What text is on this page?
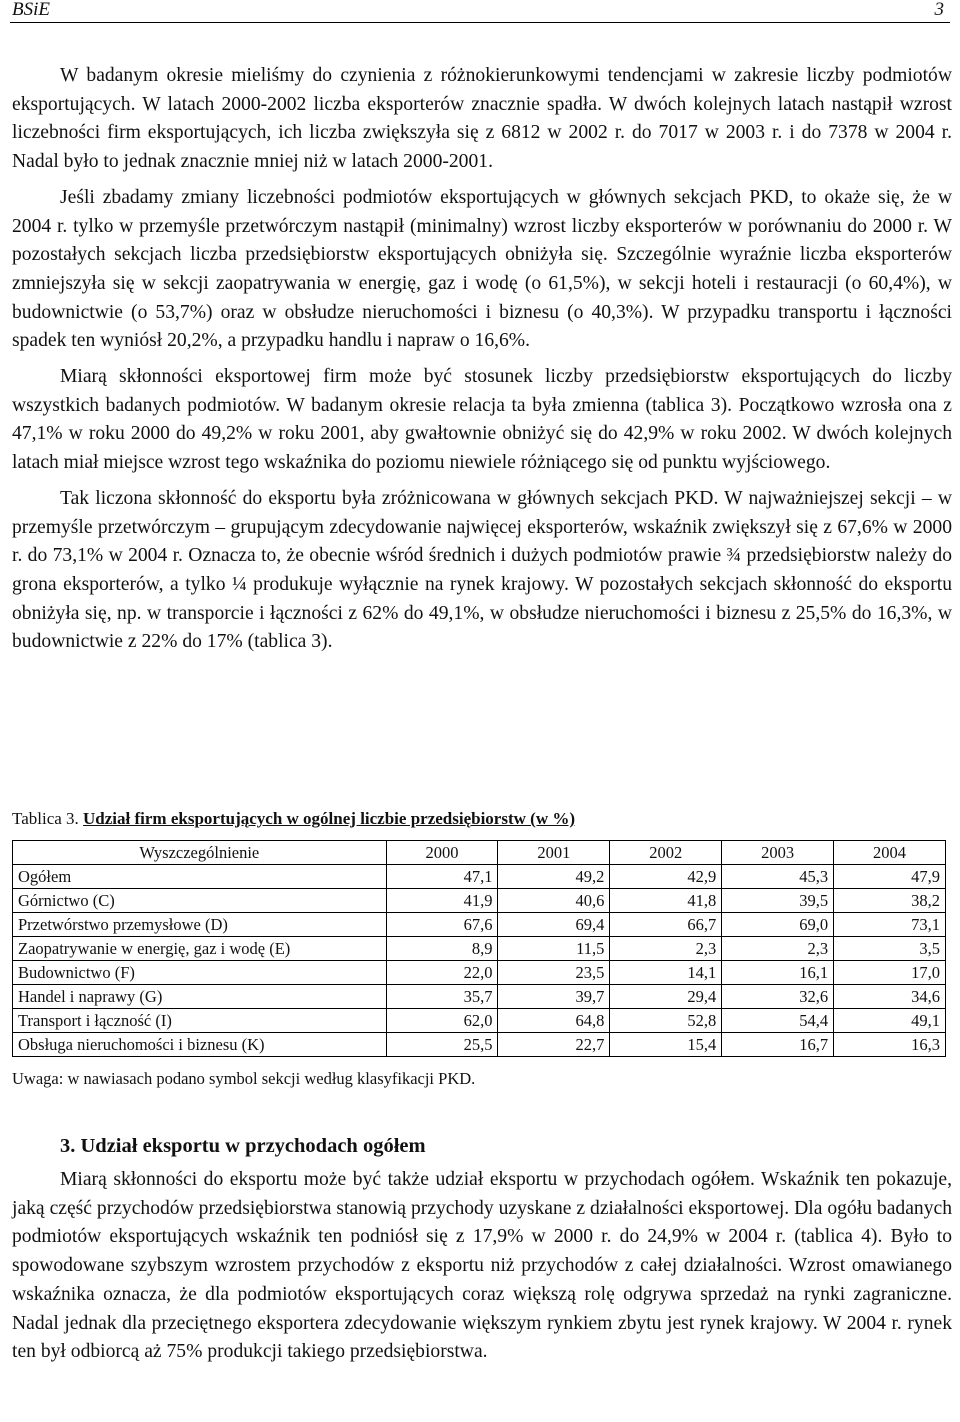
BSiE	3

W badanym okresie mieliśmy do czynienia z różnokierunkowymi tendencjami w zakresie liczby podmiotów eksportujących. W latach 2000-2002 liczba eksporterów znacznie spadła. W dwóch kolejnych latach nastąpił wzrost liczebności firm eksportujących, ich liczba zwiększyła się z 6812 w 2002 r. do 7017 w 2003 r. i do 7378 w 2004 r. Nadal było to jednak znacznie mniej niż w latach 2000-2001.

Jeśli zbadamy zmiany liczebności podmiotów eksportujących w głównych sekcjach PKD, to okaże się, że w 2004 r. tylko w przemyśle przetwórczym nastąpił (minimalny) wzrost liczby eksporterów w porównaniu do 2000 r. W pozostałych sekcjach liczba przedsiębiorstw eksportujących obniżyła się. Szczególnie wyraźnie liczba eksporterów zmniejszyła się w sekcji zaopatrywania w energię, gaz i wodę (o 61,5%), w sekcji hoteli i restauracji (o 60,4%), w budownictwie (o 53,7%) oraz w obsłudze nieruchomości i biznesu (o 40,3%). W przypadku transportu i łączności spadek ten wyniósł 20,2%, a przypadku handlu i napraw o 16,6%.

Miarą skłonności eksportowej firm może być stosunek liczby przedsiębiorstw eksportujących do liczby wszystkich badanych podmiotów. W badanym okresie relacja ta była zmienna (tablica 3). Początkowo wzrosła ona z 47,1% w roku 2000 do 49,2% w roku 2001, aby gwałtownie obniżyć się do 42,9% w roku 2002. W dwóch kolejnych latach miał miejsce wzrost tego wskaźnika do poziomu niewiele różniącego się od punktu wyjściowego.

Tak liczona skłonność do eksportu była zróżnicowana w głównych sekcjach PKD. W najważniejszej sekcji – w przemyśle przetwórczym – grupującym zdecydowanie najwięcej eksporterów, wskaźnik zwiększył się z 67,6% w 2000 r. do 73,1% w 2004 r. Oznacza to, że obecnie wśród średnich i dużych podmiotów prawie ¾ przedsiębiorstw należy do grona eksporterów, a tylko ¼ produkuje wyłącznie na rynek krajowy. W pozostałych sekcjach skłonność do eksportu obniżyła się, np. w transporcie i łączności z 62% do 49,1%, w obsłudze nieruchomości i biznesu z 25,5% do 16,3%, w budownictwie z 22% do 17% (tablica 3).

Tablica 3. Udział firm eksportujących w ogólnej liczbie przedsiębiorstw (w %)
Wyszczególnienie	2000	2001	2002	2003	2004
Ogółem	47,1	49,2	42,9	45,3	47,9
Górnictwo (C)	41,9	40,6	41,8	39,5	38,2
Przetwórstwo przemysłowe (D)	67,6	69,4	66,7	69,0	73,1
Zaopatrywanie w energię, gaz i wodę (E)	8,9	11,5	2,3	2,3	3,5
Budownictwo (F)	22,0	23,5	14,1	16,1	17,0
Handel i naprawy (G)	35,7	39,7	29,4	32,6	34,6
Transport i łączność (I)	62,0	64,8	52,8	54,4	49,1
Obsługa nieruchomości i biznesu (K)	25,5	22,7	15,4	16,7	16,3
Uwaga: w nawiasach podano symbol sekcji według klasyfikacji PKD.
3. Udział eksportu w przychodach ogółem

Miarą skłonności do eksportu może być także udział eksportu w przychodach ogółem. Wskaźnik ten pokazuje, jaką część przychodów przedsiębiorstwa stanowią przychody uzyskane z działalności eksportowej. Dla ogółu badanych podmiotów eksportujących wskaźnik ten podniósł się z 17,9% w 2000 r. do 24,9% w 2004 r. (tablica 4). Było to spowodowane szybszym wzrostem przychodów z eksportu niż przychodów z całej działalności. Wzrost omawianego wskaźnika oznacza, że dla podmiotów eksportujących coraz większą rolę odgrywa sprzedaż na rynki zagraniczne. Nadal jednak dla przeciętnego eksportera zdecydowanie większym rynkiem zbytu jest rynek krajowy. W 2004 r. rynek ten był odbiorcą aż 75% produkcji takiego przedsiębiorstwa.
